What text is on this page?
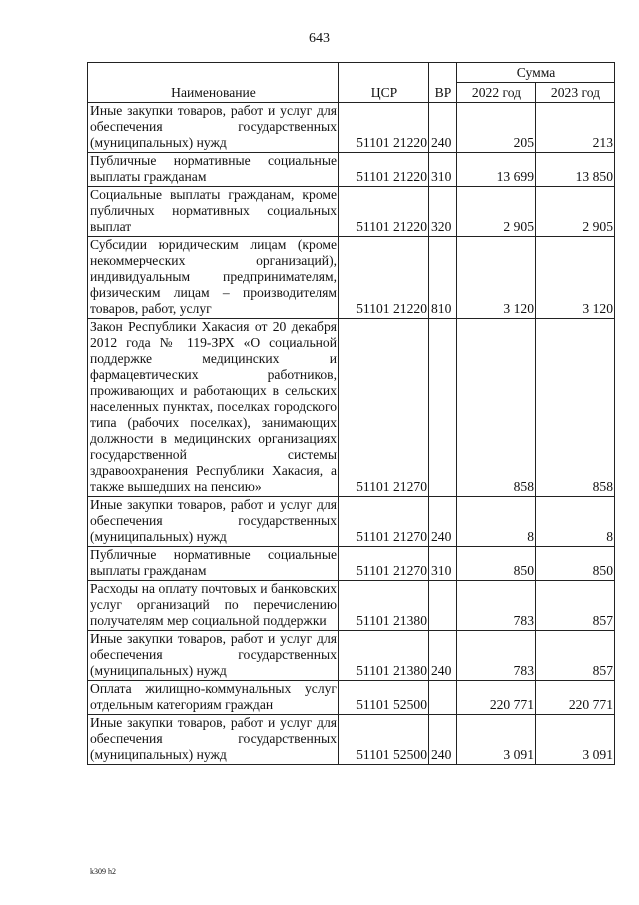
643
Наименование	ЦСР	ВР	Сумма	
			2022 год	2023 год
Иные закупки товаров, работ и услуг для обеспечения государственных (муниципальных) нужд	51101 21220	240	205	213
Публичные нормативные социальные выплаты гражданам	51101 21220	310	13 699	13 850
Социальные выплаты гражданам, кроме публичных нормативных социальных выплат	51101 21220	320	2 905	2 905
Субсидии юридическим лицам (кроме некоммерческих организаций), индивидуальным предпринимателям, физическим лицам – производителям товаров, работ, услуг	51101 21220	810	3 120	3 120
Закон Республики Хакасия от 20 декабря 2012 года № 119-ЗРХ «О социальной поддержке медицинских и фармацевтических работников, проживающих и работающих в сельских населенных пунктах, поселках городского типа (рабочих поселках), занимающих должности в медицинских организациях государственной системы здравоохранения Республики Хакасия, а также вышедших на пенсию»	51101 21270		858	858
Иные закупки товаров, работ и услуг для обеспечения государственных (муниципальных) нужд	51101 21270	240	8	8
Публичные нормативные социальные выплаты гражданам	51101 21270	310	850	850
Расходы на оплату почтовых и банковских услуг организаций по перечислению получателям мер социальной поддержки	51101 21380		783	857
Иные закупки товаров, работ и услуг для обеспечения государственных (муниципальных) нужд	51101 21380	240	783	857
Оплата жилищно-коммунальных услуг отдельным категориям граждан	51101 52500		220 771	220 771
Иные закупки товаров, работ и услуг для обеспечения государственных (муниципальных) нужд	51101 52500	240	3 091	3 091
k309 h2
